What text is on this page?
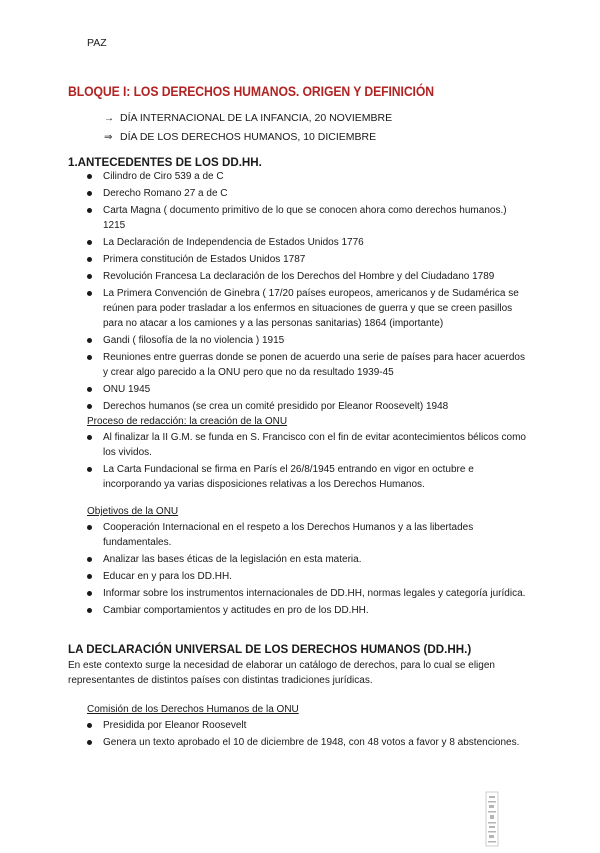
PAZ
BLOQUE I: LOS DERECHOS HUMANOS. ORIGEN Y DEFINICIÓN
→ DÍA INTERNACIONAL DE LA INFANCIA, 20 NOVIEMBRE
⇒ DÍA DE LOS DERECHOS HUMANOS, 10 DICIEMBRE
1.ANTECEDENTES DE LOS DD.HH.
Cilindro de Ciro 539 a de C
Derecho Romano 27 a de C
Carta Magna ( documento primitivo de lo que se conocen ahora como derechos humanos.) 1215
La Declaración de Independencia de Estados Unidos 1776
Primera constitución de Estados Unidos 1787
Revolución Francesa La declaración de los Derechos del Hombre y del Ciudadano 1789
La Primera Convención de Ginebra ( 17/20 países europeos, americanos y de Sudamérica se reúnen para poder trasladar a los enfermos en situaciones de guerra y que se creen pasillos para no atacar a los camiones y a las personas sanitarias) 1864 (importante)
Gandi ( filosofía de la no violencia ) 1915
Reuniones entre guerras donde se ponen de acuerdo una serie de países para hacer acuerdos y crear algo parecido a la ONU pero que no da resultado 1939-45
ONU 1945
Derechos humanos (se crea un comité presidido por Eleanor Roosevelt) 1948
Proceso de redacción: la creación de la ONU
Al finalizar la II G.M. se funda en S. Francisco con el fin de evitar acontecimientos bélicos como los vividos.
La Carta Fundacional se firma en París el 26/8/1945 entrando en vigor en octubre e incorporando ya varias disposiciones relativas a los Derechos Humanos.
Objetivos de la ONU
Cooperación Internacional en el respeto a los Derechos Humanos y a las libertades fundamentales.
Analizar las bases éticas de la legislación en esta materia.
Educar en y para los DD.HH.
Informar sobre los instrumentos internacionales de DD.HH, normas legales y categoría jurídica.
Cambiar comportamientos y actitudes en pro de los DD.HH.
LA DECLARACIÓN UNIVERSAL DE LOS DERECHOS HUMANOS (DD.HH.)
En este contexto surge la necesidad de elaborar un catálogo de derechos, para lo cual se eligen representantes de distintos países con distintas tradiciones jurídicas.
Comisión de los Derechos Humanos de la ONU
Presidida por Eleanor Roosevelt
Genera un texto aprobado el 10 de diciembre de 1948, con 48 votos a favor y 8 abstenciones.
